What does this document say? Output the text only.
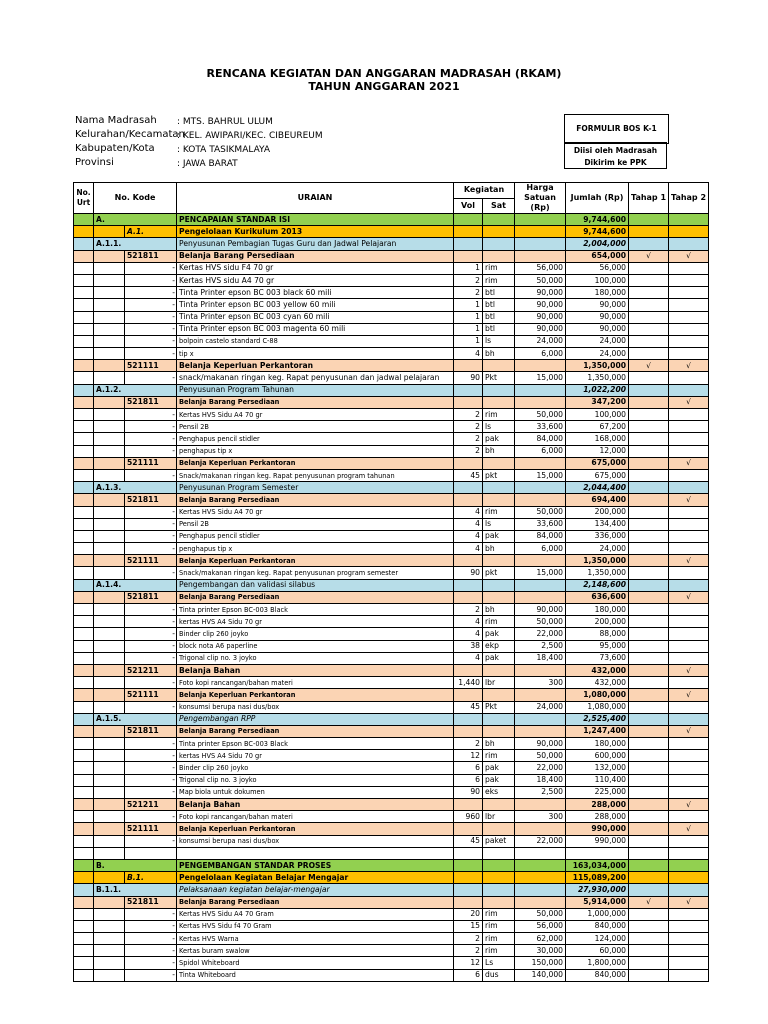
RENCANA KEGIATAN DAN ANGGARAN MADRASAH (RKAM)
TAHUN ANGGARAN 2021
Nama Madrasah : MTS. BAHRUL ULUM
Kelurahan/Kecamatan
: KEL. AWIPARI/KEC. CIBEUREUM
Kabupaten/Kota : KOTA TASIKMALAYA
Provinsi	: JAWA BARAT
FORMULIR BOS K-1
Diisi oleh Madrasah
Dikirim ke PPK
No. Urt	No. Kode		URAIAN	Kegiatan		Harga Satuan (Rp)	Jumlah (Rp)	Tahap 1	Tahap 2
				Vol	Sat				
	A.		PENCAPAIAN STANDAR ISI				9,744,600		
		A.1.	Pengelolaan Kurikulum 2013				9,744,600		
	A.1.1.		Penyusunan Pembagian Tugas Guru dan Jadwal Pelajaran				2,004,000		
		521811	Belanja Barang Persediaan				654,000	√	√
		-	Kertas HVS sidu F4 70 gr	1	rim	56,000	56,000		
		-	Kertas HVS sidu A4 70 gr	2	rim	50,000	100,000		
		-	Tinta Printer epson BC 003 black 60 mili	2	btl	90,000	180,000		
		-	Tinta Printer epson BC 003 yellow 60 mili	1	btl	90,000	90,000		
		-	Tinta Printer epson BC 003 cyan 60 mili	1	btl	90,000	90,000		
		-	Tinta Printer epson BC 003 magenta 60 mili	1	btl	90,000	90,000		
		-	bolpoin castelo standard C-88	1	ls	24,000	24,000		
		-	tip x	4	bh	6,000	24,000		
		521111	Belanja Keperluan Perkantoran				1,350,000	√	√
		-	snack/makanan ringan keg. Rapat penyusunan dan jadwal pelajaran	90	Pkt	15,000	1,350,000		
	A.1.2.		Penyusunan Program Tahunan				1,022,200		
		521811	Belanja Barang Persediaan				347,200		√
		-	Kertas HVS Sidu A4 70 gr	2	rim	50,000	100,000		
		-	Pensil 2B	2	ls	33,600	67,200		
		-	Penghapus pencil stidler	2	pak	84,000	168,000		
		-	penghapus tip x	2	bh	6,000	12,000		
		521111	Belanja Keperluan Perkantoran				675,000		√
		-	Snack/makanan ringan keg. Rapat penyusunan program tahunan	45	pkt	15,000	675,000		
	A.1.3.		Penyusunan Program Semester				2,044,400		
		521811	Belanja Barang Persediaan				694,400		√
		-	Kertas HVS Sidu A4 70 gr	4	rim	50,000	200,000		
		-	Pensil 2B	4	ls	33,600	134,400		
		-	Penghapus pencil stidler	4	pak	84,000	336,000		
		-	penghapus tip x	4	bh	6,000	24,000		
		521111	Belanja Keperluan Perkantoran				1,350,000		√
		-	Snack/makanan ringan keg. Rapat penyusunan program semester	90	pkt	15,000	1,350,000		
	A.1.4.		Pengembangan dan validasi silabus				2,148,600		
		521811	Belanja Barang Persediaan				636,600		√
		-	Tinta printer Epson BC-003 Black	2	bh	90,000	180,000		
		-	kertas HVS A4 Sidu 70 gr	4	rim	50,000	200,000		
		-	Binder clip 260 joyko	4	pak	22,000	88,000		
		-	block nota A6 paperline	38	ekp	2,500	95,000		
		-	Trigonal clip no. 3 joyko	4	pak	18,400	73,600		
		521211	Belanja Bahan				432,000		√
		-	Foto kopi rancangan/bahan materi	1,440	lbr	300	432,000		
		521111	Belanja Keperluan Perkantoran				1,080,000		√
		-	konsumsi berupa nasi dus/box	45	Pkt	24,000	1,080,000		
	A.1.5.		Pengembangan RPP				2,525,400		
		521811	Belanja Barang Persediaan				1,247,400		√
		-	Tinta printer Epson BC-003 Black	2	bh	90,000	180,000		
		-	kertas HVS A4 Sidu 70 gr	12	rim	50,000	600,000		
		-	Binder clip 260 joyko	6	pak	22,000	132,000		
		-	Trigonal clip no. 3 joyko	6	pak	18,400	110,400		
		-	Map biola untuk dokumen	90	eks	2,500	225,000		
		521211	Belanja Bahan				288,000		√
		-	Foto kopi rancangan/bahan materi	960	lbr	300	288,000		
		521111	Belanja Keperluan Perkantoran				990,000		√
		-	konsumsi berupa nasi dus/box	45	paket	22,000	990,000		

	B.		PENGEMBANGAN STANDAR PROSES				163,034,000		
		B.1.	Pengelolaan Kegiatan Belajar Mengajar				115,089,200		
	B.1.1.		Pelaksanaan kegiatan belajar-mengajar				27,930,000		
		521811	Belanja Barang Persediaan				5,914,000	√	√
		-	Kertas HVS Sidu A4 70 Gram	20	rim	50,000	1,000,000		
		-	Kertas HVS Sidu f4 70 Gram	15	rim	56,000	840,000		
		-	Kertas HVS Warna	2	rim	62,000	124,000		
		-	Kertas buram swalow	2	rim	30,000	60,000		
		-	Spidol Whiteboard	12	Ls	150,000	1,800,000		
		-	Tinta Whiteboard	6	dus	140,000	840,000		
